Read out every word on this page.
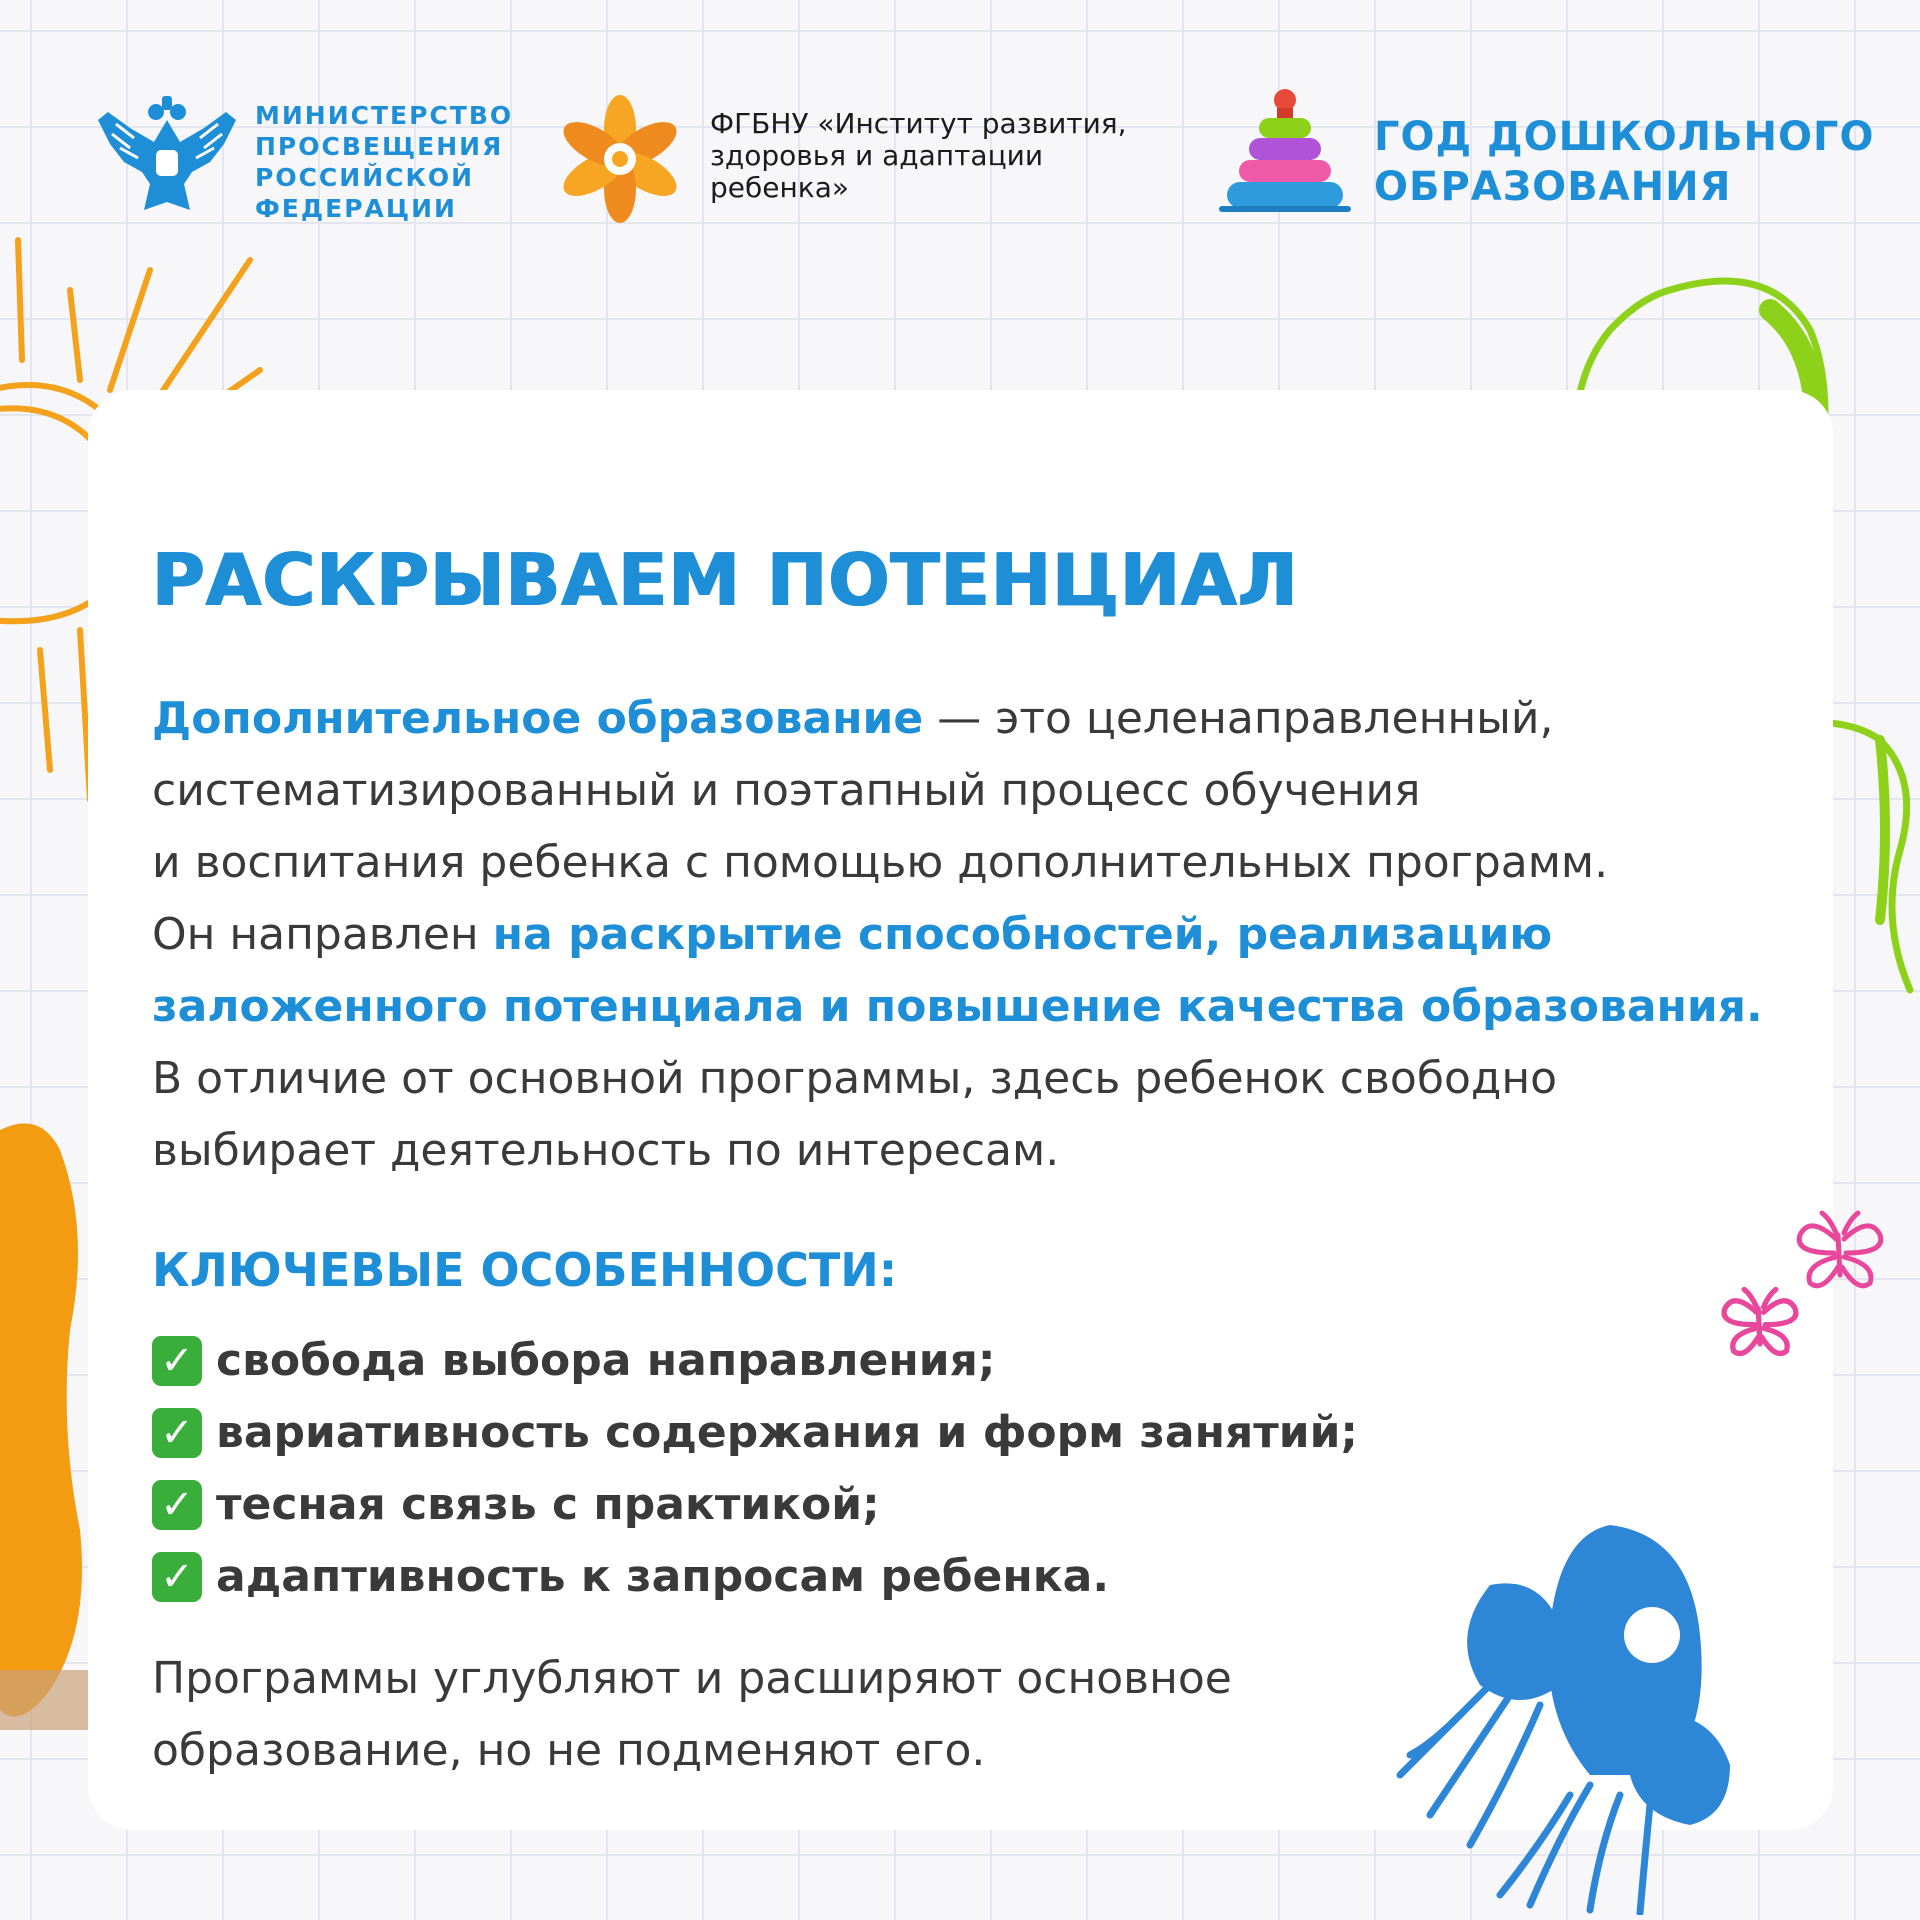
МИНИСТЕРСТВО
ПРОСВЕЩЕНИЯ
РОССИЙСКОЙ
ФЕДЕРАЦИИ
ФГБНУ «Институт развития,
здоровья и адаптации
ребенка»
ГОД ДОШКОЛЬНОГО
ОБРАЗОВАНИЯ
РАСКРЫВАЕМ ПОТЕНЦИАЛ
Дополнительное образование — это целенаправленный,
систематизированный и поэтапный процесс обучения
и воспитания ребенка с помощью дополнительных программ.
Он направлен на раскрытие способностей, реализацию
заложенного потенциала и повышение качества образования.
В отличие от основной программы, здесь ребенок свободно
выбирает деятельность по интересам.
КЛЮЧЕВЫЕ ОСОБЕННОСТИ:
✓ свобода выбора направления;
✓ вариативность содержания и форм занятий;
✓ тесная связь с практикой;
✓ адаптивность к запросам ребенка.
Программы углубляют и расширяют основное
образование, но не подменяют его.
